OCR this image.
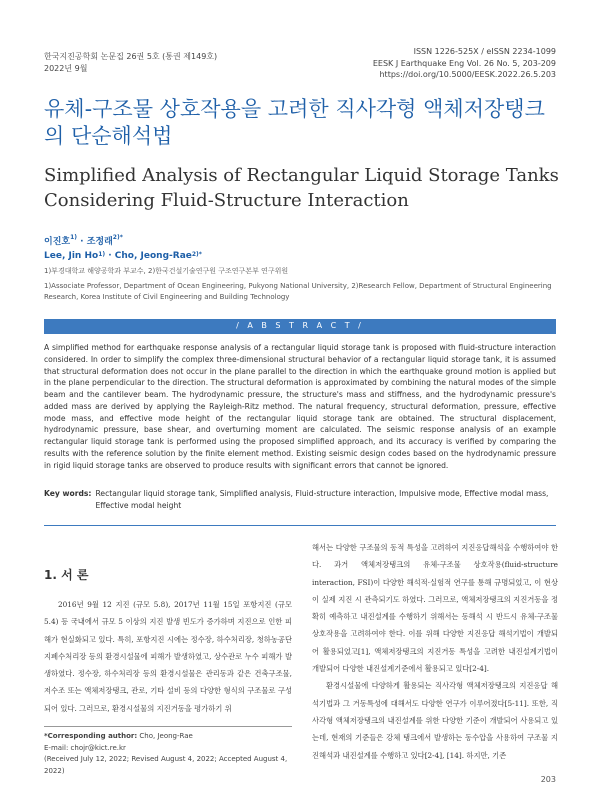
한국지진공학회 논문집 26권 5호 (통권 제149호)
2022년 9월
ISSN 1226-525X / eISSN 2234-1099
EESK J Earthquake Eng Vol. 26 No. 5, 203-209
https://doi.org/10.5000/EESK.2022.26.5.203
유체-구조물 상호작용을 고려한 직사각형 액체저장탱크의 단순해석법
Simplified Analysis of Rectangular Liquid Storage Tanks Considering Fluid-Structure Interaction
이진호$^{1)}$ · 조정래$^{2)*}$
Lee, Jin $Ho^{1)}$ · Cho, Jeong-Rae$^{2)*}$
1)부경대학교 해양공학과 부교수, 2)한국건설기술연구원 구조연구본부 연구위원
1)Associate Professor, Department of Ocean Engineering, Pukyong National University, 2)Research Fellow, Department of Structural Engineering Research, Korea Institute of Civil Engineering and Building Technology
/ A B S T R A C T /

A simplified method for earthquake response analysis of a rectangular liquid storage tank is proposed with fluid-structure interaction considered. In order to simplify the complex three-dimensional structural behavior of a rectangular liquid storage tank, it is assumed that structural deformation does not occur in the plane parallel to the direction in which the earthquake ground motion is applied but in the plane perpendicular to the direction. The structural deformation is approximated by combining the natural modes of the simple beam and the cantilever beam. The hydrodynamic pressure, the structure's mass and stiffness, and the hydrodynamic pressure's added mass are derived by applying the Rayleigh-Ritz method. The natural frequency, structural deformation, pressure, effective mode mass, and effective mode height of the rectangular liquid storage tank are obtained. The structural displacement, hydrodynamic pressure, base shear, and overturning moment are calculated. The seismic response analysis of an example rectangular liquid storage tank is performed using the proposed simplified approach, and its accuracy is verified by comparing the results with the reference solution by the finite element method. Existing seismic design codes based on the hydrodynamic pressure in rigid liquid storage tanks are observed to produce results with significant errors that cannot be ignored.

Key words: Rectangular liquid storage tank, Simplified analysis, Fluid-structure interaction, Impulsive mode, Effective modal mass, Effective modal height
1. 서 론

2016년 9월 12 지진 (규모 5.8), 2017년 11월 15일 포항지진 (규모 5.4) 등 국내에서 규모 5 이상의 지진 발생 빈도가 증가하며 지진으로 인한 피해가 현실화되고 있다. 특히, 포항지진 시에는 정수장, 하수처리장, 청하농공단지폐수처리장 등의 환경시설물에 피해가 발생하였고, 상수관로 누수 피해가 발생하였다. 정수장, 하수처리장 등의 환경시설물은 관리동과 같은 건축구조물, 저수조 또는 액체저장탱크, 관로, 기타 설비 등의 다양한 형식의 구조물로 구성되어 있다. 그러므로, 환경시설물의 지진거동을 평가하기 위

해서는 다양한 구조물의 동적 특성을 고려하여 지진응답해석을 수행하여야 한다. 과거 액체저장탱크의 유체-구조물 상호작용(fluid-structure interaction, FSI)이 다양한 해석적·실험적 연구를 통해 규명되었고, 이 현상이 실제 지진 시 관측되기도 하였다. 그러므로, 액체저장탱크의 지진거동을 정확히 예측하고 내진설계를 수행하기 위해서는 동해석 시 반드시 유체-구조물 상호작용을 고려하여야 한다. 이를 위해 다양한 지진응답 해석기법이 개발되어 활용되었고[1], 액체저장탱크의 지진거동 특성을 고려한 내진설계기법이 개발되어 다양한 내진설계기준에서 활용되고 있다[2-4].

환경시설물에 다양하게 활용되는 직사각형 액체저장탱크의 지진응답 해석기법과 그 거동특성에 대해서도 다양한 연구가 이루어졌다[5-11]. 또한, 직사각형 액체저장탱크의 내진설계를 위한 다양한 기준이 개발되어 사용되고 있는데, 현재의 기준들은 강체 탱크에서 발생하는 동수압을 사용하여 구조물 지진해석과 내진설계를 수행하고 있다[2-4], [14]. 하지만, 기존

*Corresponding author: Cho, Jeong-Rae
E-mail: chojr@kict.re.kr
(Received July 12, 2022; Revised August 4, 2022; Accepted August 4, 2022)
203
